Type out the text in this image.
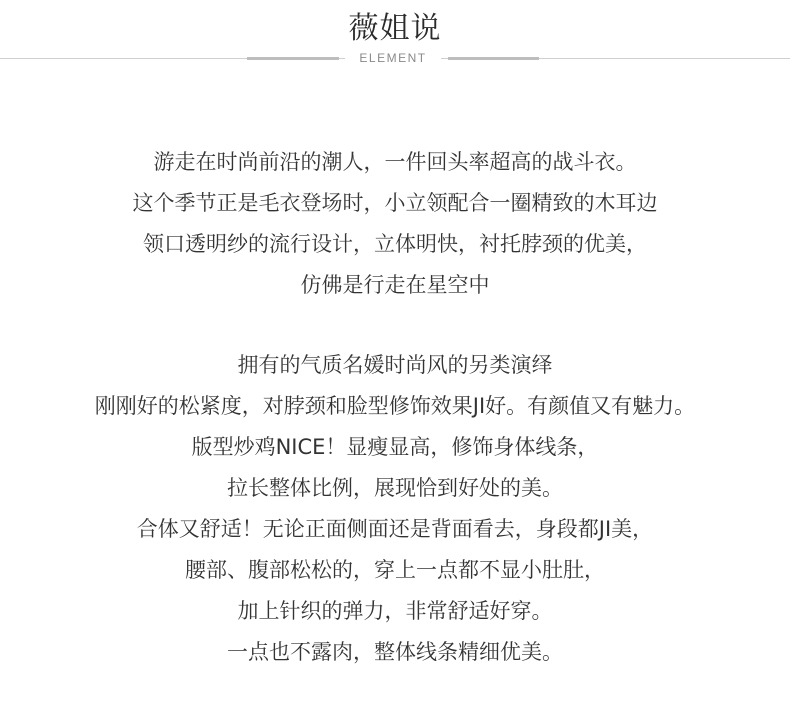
薇姐说
ELEMENT
游走在时尚前沿的潮人，一件回头率超高的战斗衣。
这个季节正是毛衣登场时，小立领配合一圈精致的木耳边
领口透明纱的流行设计，立体明快，衬托脖颈的优美，
仿佛是行走在星空中
拥有的气质名媛时尚风的另类演绎
刚刚好的松紧度，对脖颈和脸型修饰效果JI好。有颜值又有魅力。
版型炒鸡NICE！显瘦显高，修饰身体线条，
拉长整体比例，展现恰到好处的美。
合体又舒适！无论正面侧面还是背面看去，身段都JI美，
腰部、腹部松松的，穿上一点都不显小肚肚，
加上针织的弹力，非常舒适好穿。
一点也不露肉，整体线条精细优美。
